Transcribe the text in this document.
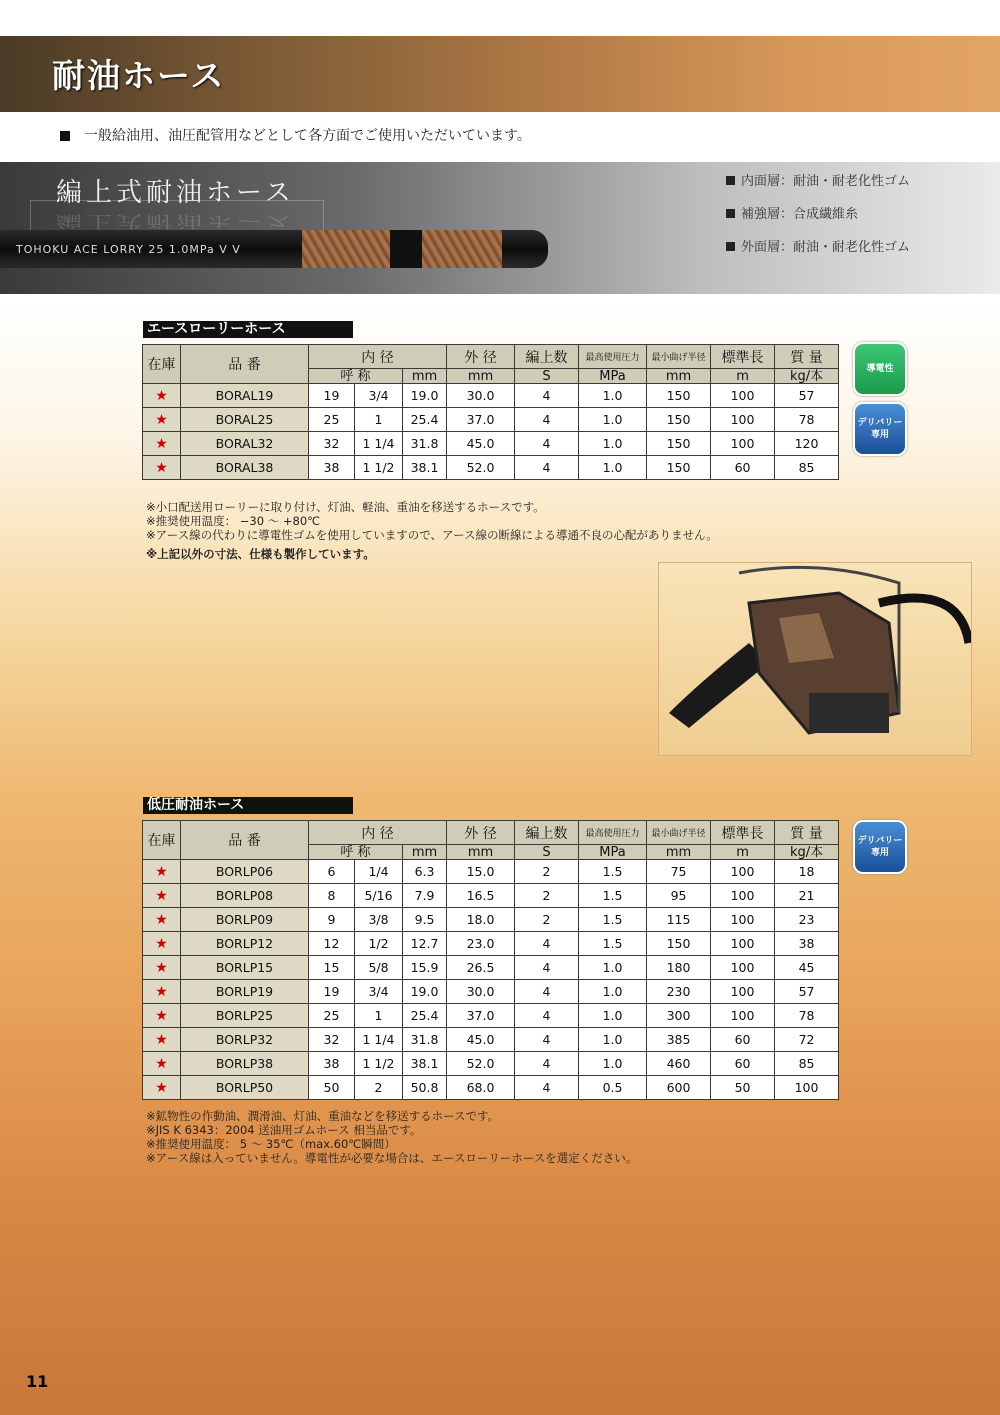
耐油ホース
一般給油用、油圧配管用などとして各方面でご使用いただいています。
編上式耐油ホース
編上式耐油ホース
TOHOKU ACE LORRY 25 1.0MPa V V
内面層：耐油・耐老化性ゴム
補強層：合成繊維糸
外面層：耐油・耐老化性ゴム
エースローリーホース
在庫	品 番	内 径			外 径	編上数	最高使用圧力	最小曲げ半径	標準長	質 量
		呼 称		mm	mm	S	MPa	mm	m	kg/本
★	BORAL19	19	3/4	19.0	30.0	4	1.0	150	100	57
★	BORAL25	25	1	25.4	37.0	4	1.0	150	100	78
★	BORAL32	32	1 1/4	31.8	45.0	4	1.0	150	100	120
★	BORAL38	38	1 1/2	38.1	52.0	4	1.0	150	60	85
導電性
デリバリー専用
※小口配送用ローリーに取り付け、灯油、軽油、重油を移送するホースです。
※推奨使用温度： −30 〜 +80℃
※アース線の代わりに導電性ゴムを使用していますので、アース線の断線による導通不良の心配がありません。
※上記以外の寸法、仕様も製作しています。
低圧耐油ホース
在庫	品 番	内 径			外 径	編上数	最高使用圧力	最小曲げ半径	標準長	質 量
		呼 称		mm	mm	S	MPa	mm	m	kg/本
★	BORLP06	6	1/4	6.3	15.0	2	1.5	75	100	18
★	BORLP08	8	5/16	7.9	16.5	2	1.5	95	100	21
★	BORLP09	9	3/8	9.5	18.0	2	1.5	115	100	23
★	BORLP12	12	1/2	12.7	23.0	4	1.5	150	100	38
★	BORLP15	15	5/8	15.9	26.5	4	1.0	180	100	45
★	BORLP19	19	3/4	19.0	30.0	4	1.0	230	100	57
★	BORLP25	25	1	25.4	37.0	4	1.0	300	100	78
★	BORLP32	32	1 1/4	31.8	45.0	4	1.0	385	60	72
★	BORLP38	38	1 1/2	38.1	52.0	4	1.0	460	60	85
★	BORLP50	50	2	50.8	68.0	4	0.5	600	50	100
デリバリー専用
※鉱物性の作動油、潤滑油、灯油、重油などを移送するホースです。
※JIS K 6343：2004 送油用ゴムホース 相当品です。
※推奨使用温度： 5 〜 35℃（max.60℃瞬間）
※アース線は入っていません。導電性が必要な場合は、エースローリーホースを選定ください。
11
